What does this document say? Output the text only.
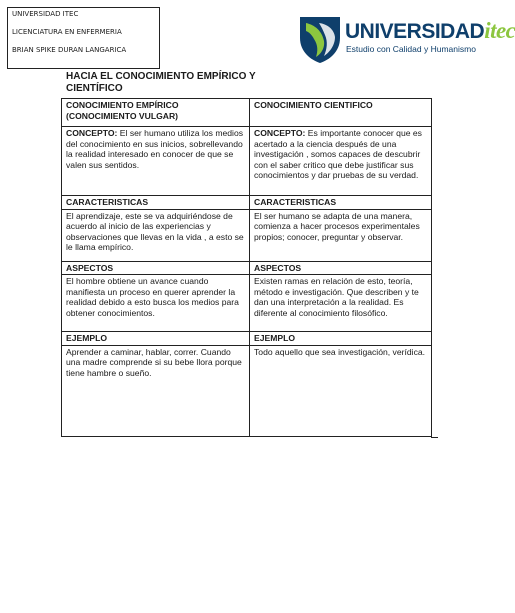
UNIVERSIDAD ITEC

LICENCIATURA EN ENFERMERIA

BRIAN SPIKE DURAN LANGARICA

UNIVERSIDADitec
Estudio con Calidad y Humanismo

HACIA EL CONOCIMIENTO EMPÍRICO Y CIENTÍFICO

CONOCIMIENTO EMPÍRICO (CONOCIMIENTO VULGAR)	CONOCIMIENTO CIENTIFICO
CONCEPTO: El ser humano utiliza los medios del conocimiento en sus inicios, sobrellevando la realidad interesado en conocer de que se valen sus sentidos.	CONCEPTO: Es importante conocer que es acertado a la ciencia después de una investigación , somos capaces de descubrir con el saber critico que debe justificar sus conocimientos y dar pruebas de su verdad.
CARACTERISTICAS	CARACTERISTICAS
El aprendizaje, este se va adquiriéndose de acuerdo al inicio de las experiencias y observaciones que llevas en la vida , a esto se le llama empírico.	El ser humano se adapta de una manera, comienza a hacer procesos experimentales propios; conocer, preguntar y observar.
ASPECTOS	ASPECTOS
El hombre obtiene un avance cuando manifiesta un proceso en querer aprender la realidad debido a esto busca los medios para obtener conocimientos.	Existen ramas en relación de esto, teoría, método e investigación. Que describen y te dan una interpretación a la realidad. Es diferente al conocimiento filosófico.
EJEMPLO	EJEMPLO
Aprender a caminar, hablar, correr. Cuando una madre comprende si su bebe llora porque tiene hambre o sueño.	Todo aquello que sea investigación, verídica.
